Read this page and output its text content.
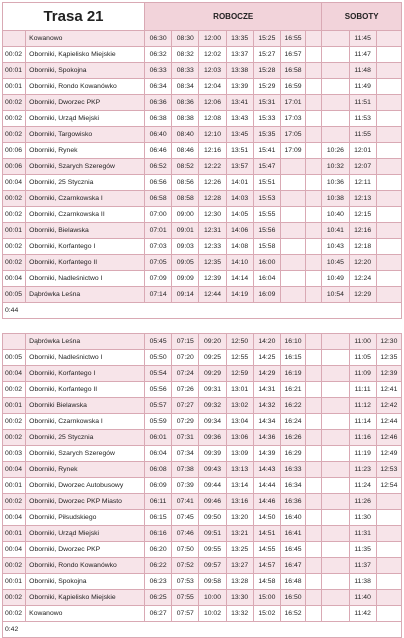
Trasa 21		ROBOCZE							SOBOTY		
	Kowanowo	06:30	08:30	12:00	13:35	15:25	16:55			11:45	
00:02	Oborniki, Kąpielisko Miejskie	06:32	08:32	12:02	13:37	15:27	16:57			11:47	
00:01	Oborniki, Spokojna	06:33	08:33	12:03	13:38	15:28	16:58			11:48	
00:01	Oborniki, Rondo Kowanówko	06:34	08:34	12:04	13:39	15:29	16:59			11:49	
00:02	Oborniki, Dworzec PKP	06:36	08:36	12:06	13:41	15:31	17:01			11:51	
00:02	Oborniki, Urząd Miejski	06:38	08:38	12:08	13:43	15:33	17:03			11:53	
00:02	Oborniki, Targowisko	06:40	08:40	12:10	13:45	15:35	17:05			11:55	
00:06	Oborniki, Rynek	06:46	08:46	12:16	13:51	15:41	17:09		10:26	12:01	
00:06	Oborniki, Szarych Szeregów	06:52	08:52	12:22	13:57	15:47			10:32	12:07	
00:04	Oborniki, 25 Stycznia	06:56	08:56	12:26	14:01	15:51			10:36	12:11	
00:02	Oborniki, Czarnkowska I	06:58	08:58	12:28	14:03	15:53			10:38	12:13	
00:02	Oborniki, Czarnkowska II	07:00	09:00	12:30	14:05	15:55			10:40	12:15	
00:01	Oborniki, Bielawska	07:01	09:01	12:31	14:06	15:56			10:41	12:16	
00:02	Oborniki, Korfantego I	07:03	09:03	12:33	14:08	15:58			10:43	12:18	
00:02	Oborniki, Korfantego II	07:05	09:05	12:35	14:10	16:00			10:45	12:20	
00:04	Oborniki, Nadleśnictwo I	07:09	09:09	12:39	14:14	16:04			10:49	12:24	
00:05	Dąbrówka Leśna	07:14	09:14	12:44	14:19	16:09			10:54	12:29	
0:44											

	Dąbrówka Leśna	05:45	07:15	09:20	12:50	14:20	16:10			11:00	12:30
00:05	Oborniki, Nadleśnictwo I	05:50	07:20	09:25	12:55	14:25	16:15			11:05	12:35
00:04	Oborniki, Korfantego I	05:54	07:24	09:29	12:59	14:29	16:19			11:09	12:39
00:02	Oborniki, Korfantego II	05:56	07:26	09:31	13:01	14:31	16:21			11:11	12:41
00:01	Oborniki Bielawska	05:57	07:27	09:32	13:02	14:32	16:22			11:12	12:42
00:02	Oborniki, Czarnkowska I	05:59	07:29	09:34	13:04	14:34	16:24			11:14	12:44
00:02	Oborniki, 25 Stycznia	06:01	07:31	09:36	13:06	14:36	16:26			11:16	12:46
00:03	Oborniki, Szarych Szeregów	06:04	07:34	09:39	13:09	14:39	16:29			11:19	12:49
00:04	Oborniki, Rynek	06:08	07:38	09:43	13:13	14:43	16:33			11:23	12:53
00:01	Oborniki, Dworzec Autobusowy	06:09	07:39	09:44	13:14	14:44	16:34			11:24	12:54
00:02	Oborniki, Dworzec PKP Miasto	06:11	07:41	09:46	13:16	14:46	16:36			11:26	
00:04	Oborniki, Piłsudskiego	06:15	07:45	09:50	13:20	14:50	16:40			11:30	
00:01	Oborniki, Urząd Miejski	06:16	07:46	09:51	13:21	14:51	16:41			11:31	
00:04	Oborniki, Dworzec PKP	06:20	07:50	09:55	13:25	14:55	16:45			11:35	
00:02	Oborniki, Rondo Kowanówko	06:22	07:52	09:57	13:27	14:57	16:47			11:37	
00:01	Oborniki, Spokojna	06:23	07:53	09:58	13:28	14:58	16:48			11:38	
00:02	Oborniki, Kąpielisko Miejskie	06:25	07:55	10:00	13:30	15:00	16:50			11:40	
00:02	Kowanowo	06:27	07:57	10:02	13:32	15:02	16:52			11:42	
0:42											
